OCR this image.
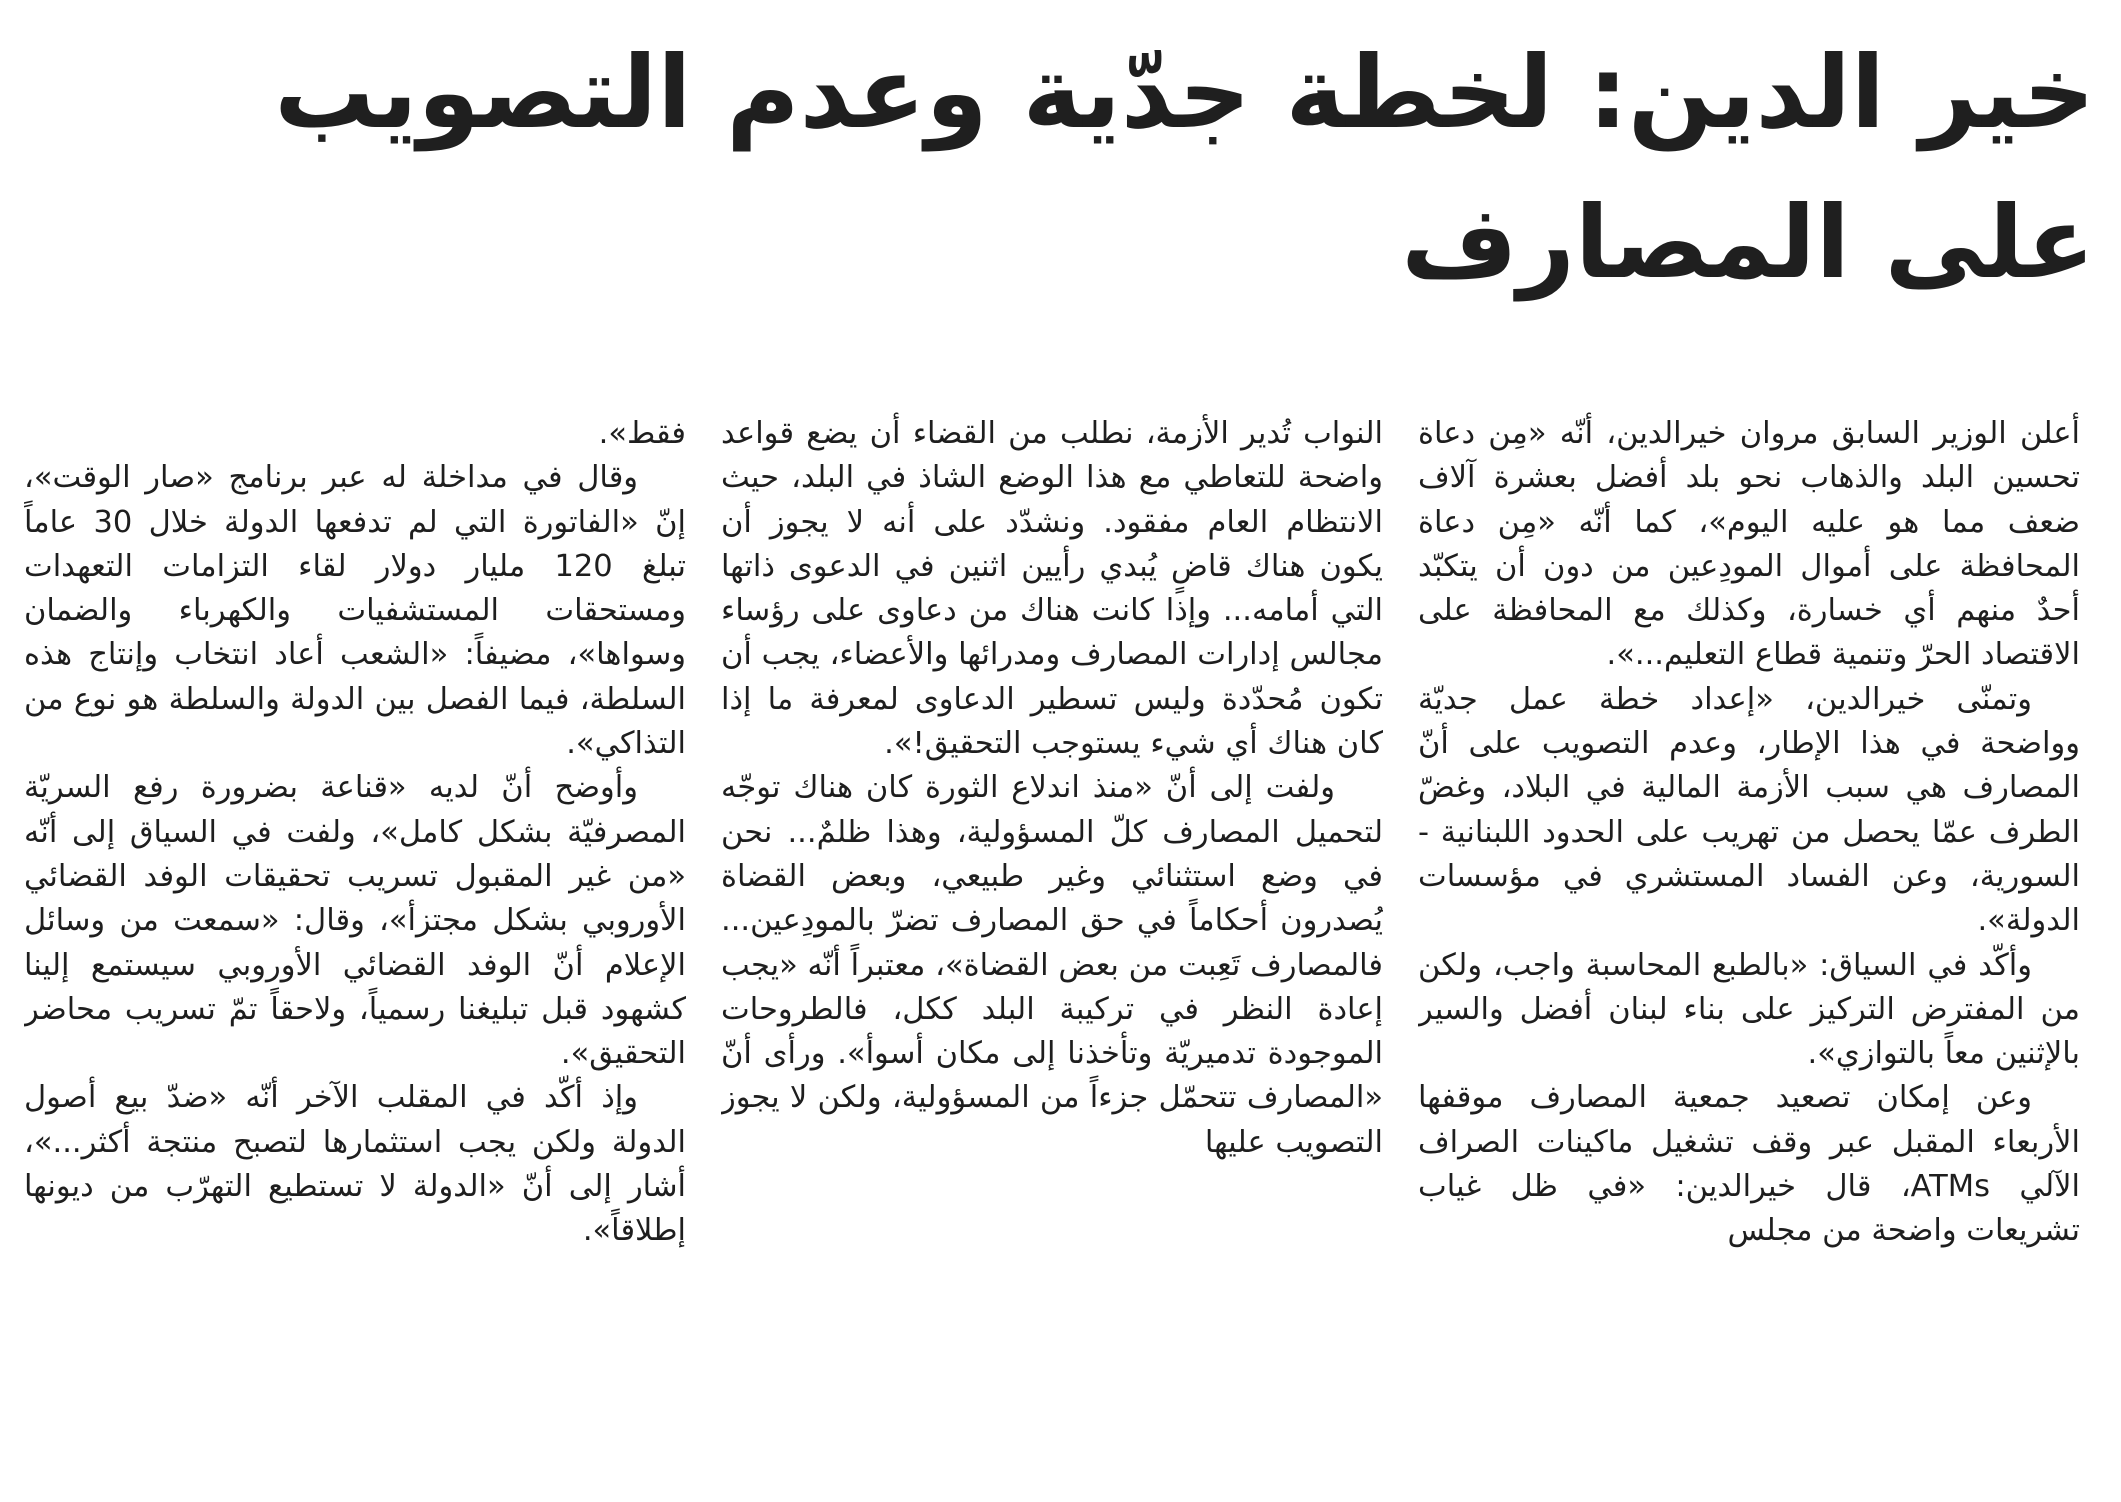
خير الدين: لخطة جدّية وعدم التصويب
على المصارف

أعلن الوزير السابق مروان خيرالدين، أنّه «مِن دعاة تحسين البلد والذهاب نحو بلد أفضل بعشرة آلاف ضعف مما هو عليه اليوم»، كما أنّه «مِن دعاة المحافظة على أموال المودِعين من دون أن يتكبّد أحدٌ منهم أي خسارة، وكذلك مع المحافظة على الاقتصاد الحرّ وتنمية قطاع التعليم...».

وتمنّى خيرالدين، «إعداد خطة عمل جديّة وواضحة في هذا الإطار، وعدم التصويب على أنّ المصارف هي سبب الأزمة المالية في البلاد، وغضّ الطرف عمّا يحصل من تهريب على الحدود اللبنانية - السورية، وعن الفساد المستشري في مؤسسات الدولة».

وأكّد في السياق: «بالطبع المحاسبة واجب، ولكن من المفترض التركيز على بناء لبنان أفضل والسير بالإثنين معاً بالتوازي».

وعن إمكان تصعيد جمعية المصارف موقفها الأربعاء المقبل عبر وقف تشغيل ماكينات الصراف الآلي ATMs، قال خيرالدين: «في ظل غياب تشريعات واضحة من مجلس

النواب تُدير الأزمة، نطلب من القضاء أن يضع قواعد واضحة للتعاطي مع هذا الوضع الشاذ في البلد، حيث الانتظام العام مفقود. ونشدّد على أنه لا يجوز أن يكون هناك قاضٍ يُبدي رأيين اثنين في الدعوى ذاتها التي أمامه... وإذا كانت هناك من دعاوى على رؤساء مجالس إدارات المصارف ومدرائها والأعضاء، يجب أن تكون مُحدّدة وليس تسطير الدعاوى لمعرفة ما إذا كان هناك أي شيء يستوجب التحقيق!».

ولفت إلى أنّ «منذ اندلاع الثورة كان هناك توجّه لتحميل المصارف كلّ المسؤولية، وهذا ظلمٌ... نحن في وضع استثنائي وغير طبيعي، وبعض القضاة يُصدرون أحكاماً في حق المصارف تضرّ بالمودِعين... فالمصارف تَعِبت من بعض القضاة»، معتبراً أنّه «يجب إعادة النظر في تركيبة البلد ككل، فالطروحات الموجودة تدميريّة وتأخذنا إلى مكان أسوأ». ورأى أنّ «المصارف تتحمّل جزءاً من المسؤولية، ولكن لا يجوز التصويب عليها

فقط».

وقال في مداخلة له عبر برنامج «صار الوقت»، إنّ «الفاتورة التي لم تدفعها الدولة خلال 30 عاماً تبلغ 120 مليار دولار لقاء التزامات التعهدات ومستحقات المستشفيات والكهرباء والضمان وسواها»، مضيفاً: «الشعب أعاد انتخاب وإنتاج هذه السلطة، فيما الفصل بين الدولة والسلطة هو نوع من التذاكي».

وأوضح أنّ لديه «قناعة بضرورة رفع السريّة المصرفيّة بشكل كامل»، ولفت في السياق إلى أنّه «من غير المقبول تسريب تحقيقات الوفد القضائي الأوروبي بشكل مجتزأ»، وقال: «سمعت من وسائل الإعلام أنّ الوفد القضائي الأوروبي سيستمع إلينا كشهود قبل تبليغنا رسمياً، ولاحقاً تمّ تسريب محاضر التحقيق».

وإذ أكّد في المقلب الآخر أنّه «ضدّ بيع أصول الدولة ولكن يجب استثمارها لتصبح منتجة أكثر...»، أشار إلى أنّ «الدولة لا تستطيع التهرّب من ديونها إطلاقاً».
